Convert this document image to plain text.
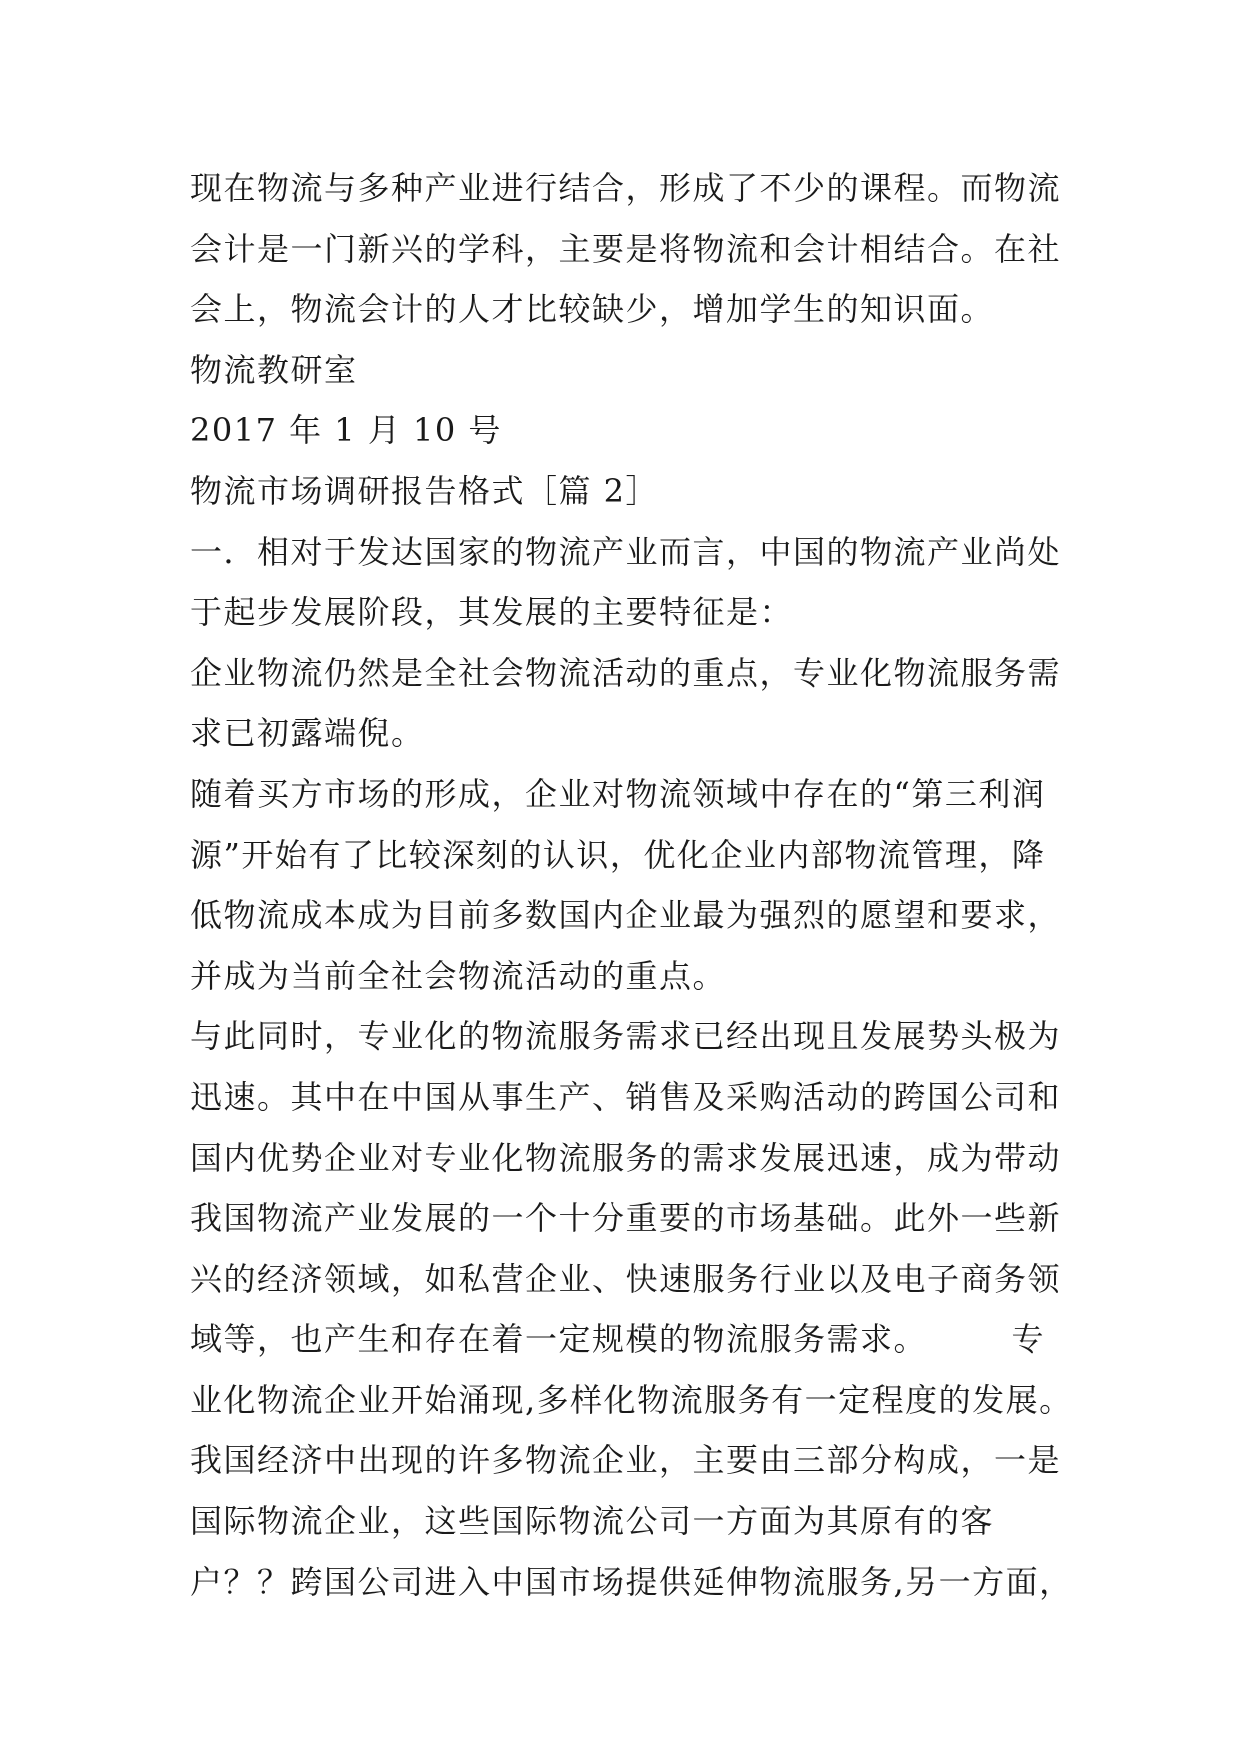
现在物流与多种产业进行结合，形成了不少的课程。而物流
会计是一门新兴的学科，主要是将物流和会计相结合。在社
会上，物流会计的人才比较缺少，增加学生的知识面。
物流教研室
2017 年 1 月 10 号
物流市场调研报告格式［篇 2］
一．相对于发达国家的物流产业而言，中国的物流产业尚处
于起步发展阶段，其发展的主要特征是：
企业物流仍然是全社会物流活动的重点，专业化物流服务需
求已初露端倪。
随着买方市场的形成，企业对物流领域中存在的“第三利润
源”开始有了比较深刻的认识，优化企业内部物流管理，降
低物流成本成为目前多数国内企业最为强烈的愿望和要求，
并成为当前全社会物流活动的重点。
与此同时，专业化的物流服务需求已经出现且发展势头极为
迅速。其中在中国从事生产、销售及采购活动的跨国公司和
国内优势企业对专业化物流服务的需求发展迅速，成为带动
我国物流产业发展的一个十分重要的市场基础。此外一些新
兴的经济领域，如私营企业、快速服务行业以及电子商务领
域等，也产生和存在着一定规模的物流服务需求。　　　专
业化物流企业开始涌现,多样化物流服务有一定程度的发展。
我国经济中出现的许多物流企业，主要由三部分构成，一是
国际物流企业，这些国际物流公司一方面为其原有的客
户？？跨国公司进入中国市场提供延伸物流服务,另一方面，
